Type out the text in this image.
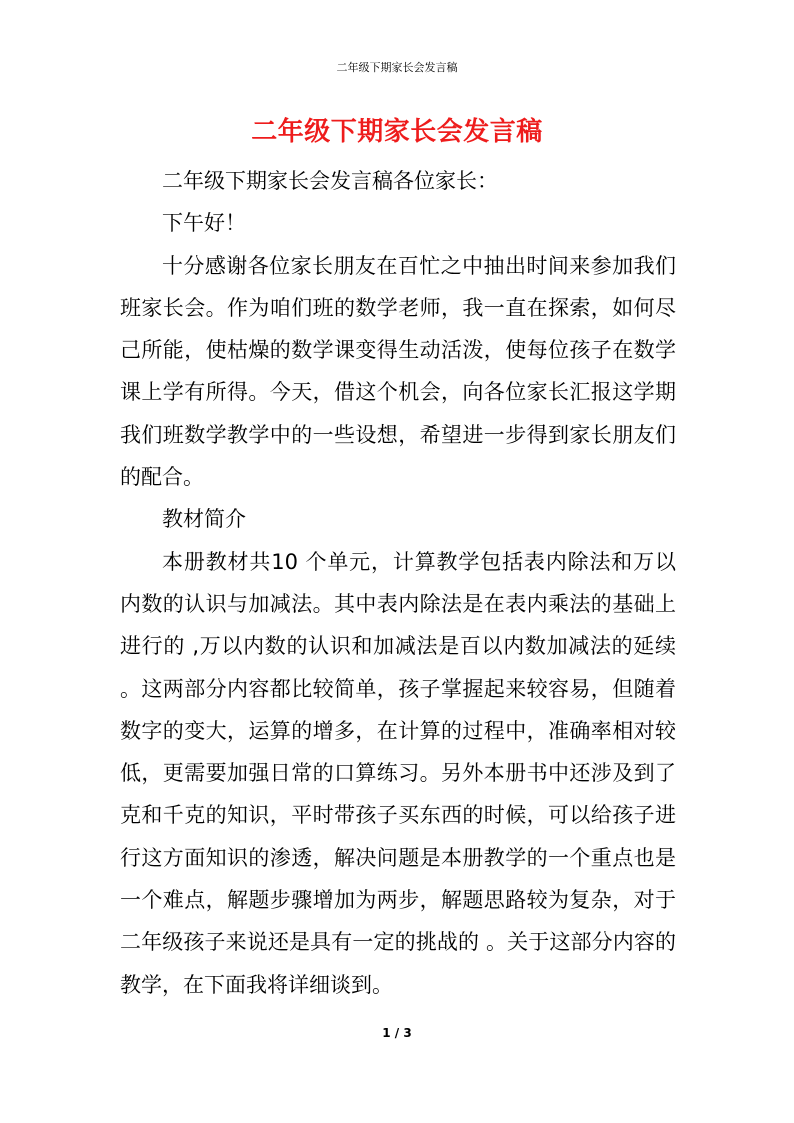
二年级下期家长会发言稿
二年级下期家长会发言稿

二年级下期家长会发言稿各位家长：

下午好！

十分感谢各位家长朋友在百忙之中抽出时间来参加我们班家长会。作为咱们班的数学老师，我一直在探索，如何尽己所能，使枯燥的数学课变得生动活泼，使每位孩子在数学课上学有所得。今天，借这个机会，向各位家长汇报这学期我们班数学教学中的一些设想，希望进一步得到家长朋友们的配合。

教材简介

本册教材共10 个单元，计算教学包括表内除法和万以内数的认识与加减法。其中表内除法是在表内乘法的基础上进行的 ,万以内数的认识和加减法是百以内数加减法的延续 。这两部分内容都比较简单，孩子掌握起来较容易，但随着数字的变大，运算的增多，在计算的过程中，准确率相对较低，更需要加强日常的口算练习。另外本册书中还涉及到了克和千克的知识，平时带孩子买东西的时候，可以给孩子进行这方面知识的渗透，解决问题是本册教学的一个重点也是一个难点，解题步骤增加为两步，解题思路较为复杂，对于二年级孩子来说还是具有一定的挑战的 。关于这部分内容的教学，在下面我将详细谈到。

1 / 3
